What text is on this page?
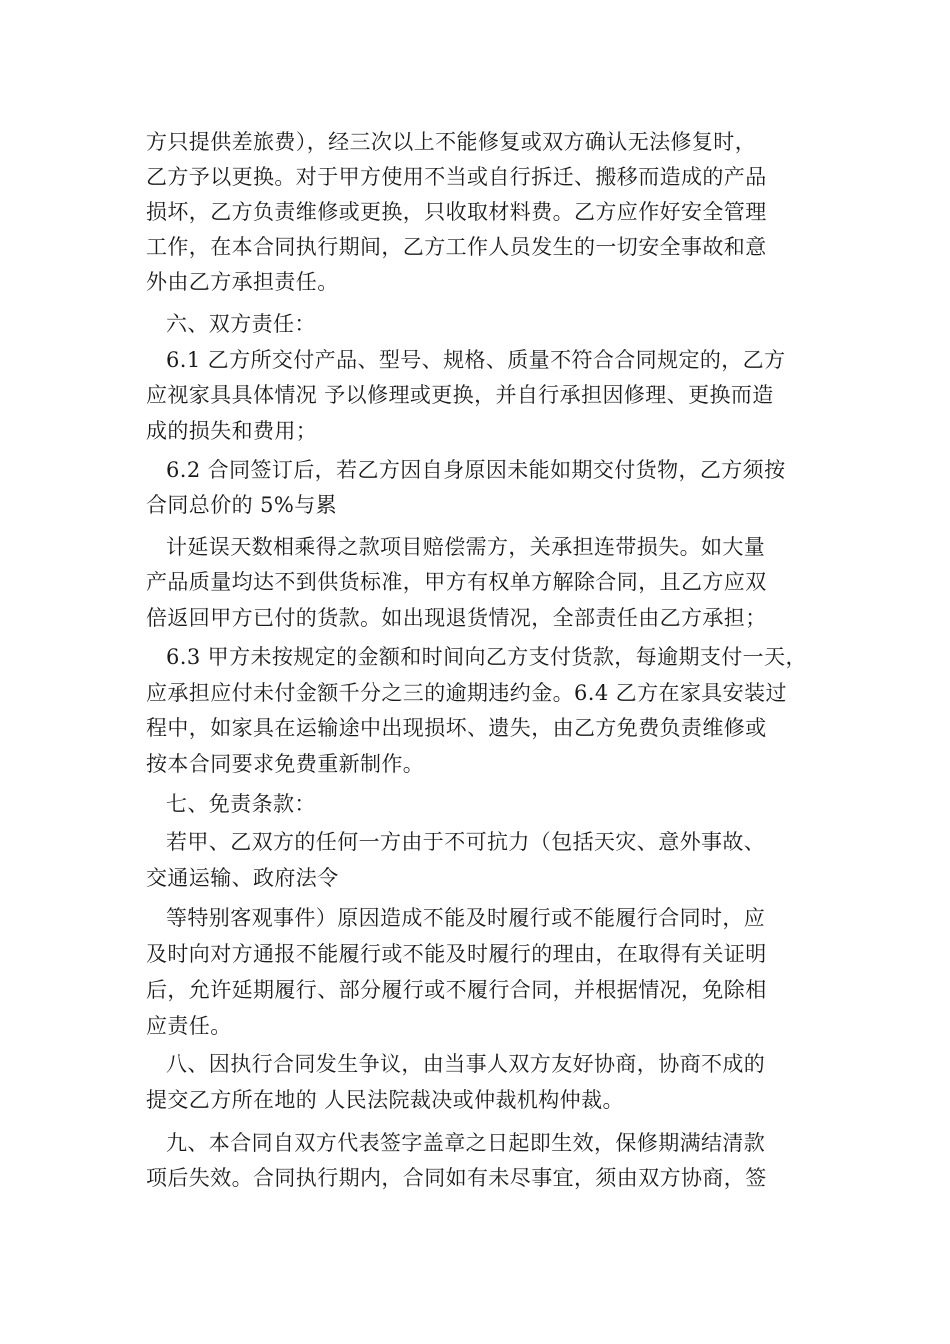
方只提供差旅费），经三次以上不能修复或双方确认无法修复时，
乙方予以更换。对于甲方使用不当或自行拆迁、搬移而造成的产品
损坏，乙方负责维修或更换，只收取材料费。乙方应作好安全管理
工作，在本合同执行期间，乙方工作人员发生的一切安全事故和意
外由乙方承担责任。
六、双方责任：
6.1 乙方所交付产品、型号、规格、质量不符合合同规定的，乙方
应视家具具体情况 予以修理或更换，并自行承担因修理、更换而造
成的损失和费用；
6.2 合同签订后，若乙方因自身原因未能如期交付货物，乙方须按
合同总价的 5%与累
计延误天数相乘得之款项目赔偿需方，关承担连带损失。如大量
产品质量均达不到供货标准，甲方有权单方解除合同，且乙方应双
倍返回甲方已付的货款。如出现退货情况，全部责任由乙方承担；
6.3 甲方未按规定的金额和时间向乙方支付货款，每逾期支付一天，
应承担应付未付金额千分之三的逾期违约金。6.4 乙方在家具安装过
程中，如家具在运输途中出现损坏、遗失，由乙方免费负责维修或
按本合同要求免费重新制作。
七、免责条款：
若甲、乙双方的任何一方由于不可抗力（包括天灾、意外事故、
交通运输、政府法令
等特别客观事件）原因造成不能及时履行或不能履行合同时，应
及时向对方通报不能履行或不能及时履行的理由，在取得有关证明
后，允许延期履行、部分履行或不履行合同，并根据情况，免除相
应责任。
八、因执行合同发生争议，由当事人双方友好协商，协商不成的
提交乙方所在地的 人民法院裁决或仲裁机构仲裁。
九、本合同自双方代表签字盖章之日起即生效，保修期满结清款
项后失效。合同执行期内，合同如有未尽事宜，须由双方协商，签
